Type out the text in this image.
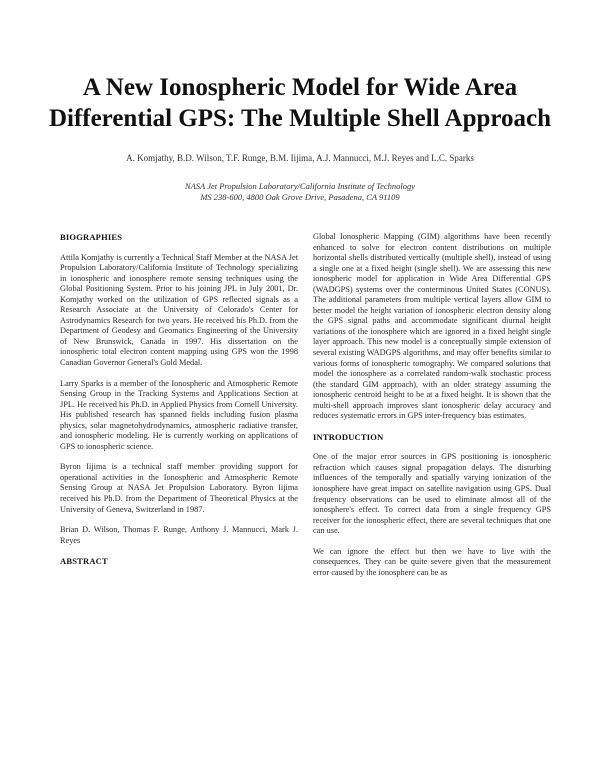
A New Ionospheric Model for Wide Area
Differential GPS: The Multiple Shell Approach
A. Komjathy, B.D. Wilson, T.F. Runge, B.M. Iijima, A.J. Mannucci, M.J. Reyes and L.C. Sparks
NASA Jet Propulsion Laboratory/California Institute of Technology
MS 238-600, 4800 Oak Grove Drive, Pasadena, CA 91109
BIOGRAPHIES

Attila Komjathy is currently a Technical Staff Member at the NASA Jet Propulsion Laboratory/California Institute of Technology specializing in ionospheric and ionosphere remote sensing techniques using the Global Positioning System. Prior to his joining JPL in July 2001, Dr. Komjathy worked on the utilization of GPS reflected signals as a Research Associate at the University of Colorado's Center for Astrodynamics Research for two years. He received his Ph.D. from the Department of Geodesy and Geomatics Engineering of the University of New Brunswick, Canada in 1997. His dissertation on the ionospheric total electron content mapping using GPS won the 1998 Canadian Governor General's Gold Medal.

Larry Sparks is a member of the Ionospheric and Atmospheric Remote Sensing Group in the Tracking Systems and Applications Section at JPL. He received his Ph.D. in Applied Physics from Cornell University. His published research has spanned fields including fusion plasma physics, solar magnetohydrodynamics, atmospheric radiative transfer, and ionospheric modeling. He is currently working on applications of GPS to ionospheric science.

Byron Iijima is a technical staff member providing support for operational activities in the Ionospheric and Atmospheric Remote Sensing Group at NASA Jet Propulsion Laboratory. Byron Iijima received his Ph.D. from the Department of Theoretical Physics at the University of Geneva, Switzerland in 1987.

Brian D. Wilson, Thomas F. Runge, Anthony J. Mannucci, Mark J. Reyes

ABSTRACT

Global Ionospheric Mapping (GIM) algorithms have been recently enhanced to solve for electron content distributions on multiple horizontal shells distributed vertically (multiple shell), instead of using a single one at a fixed height (single shell). We are assessing this new ionospheric model for application in Wide Area Differential GPS (WADGPS) systems over the conterminous United States (CONUS). The additional parameters from multiple vertical layers allow GIM to better model the height variation of ionospheric electron density along the GPS signal paths and accommodate significant diurnal height variations of the ionosphere which are ignored in a fixed height single layer approach. This new model is a conceptually simple extension of several existing WADGPS algorithms, and may offer benefits similar to various forms of ionospheric tomography. We compared solutions that model the ionosphere as a correlated random-walk stochastic process (the standard GIM approach), with an older strategy assuming the ionospheric centroid height to be at a fixed height. It is shown that the multi-shell approach improves slant ionospheric delay accuracy and reduces systematic errors in GPS inter-frequency bias estimates.

INTRODUCTION

One of the major error sources in GPS positioning is ionospheric refraction which causes signal propagation delays. The disturbing influences of the temporally and spatially varying ionization of the ionosphere have great impact on satellite navigation using GPS. Dual frequency observations can be used to eliminate almost all of the ionosphere's effect. To correct data from a single frequency GPS receiver for the ionospheric effect, there are several techniques that one can use.

We can ignore the effect but then we have to live with the consequences. They can be quite severe given that the measurement error caused by the ionosphere can be as
